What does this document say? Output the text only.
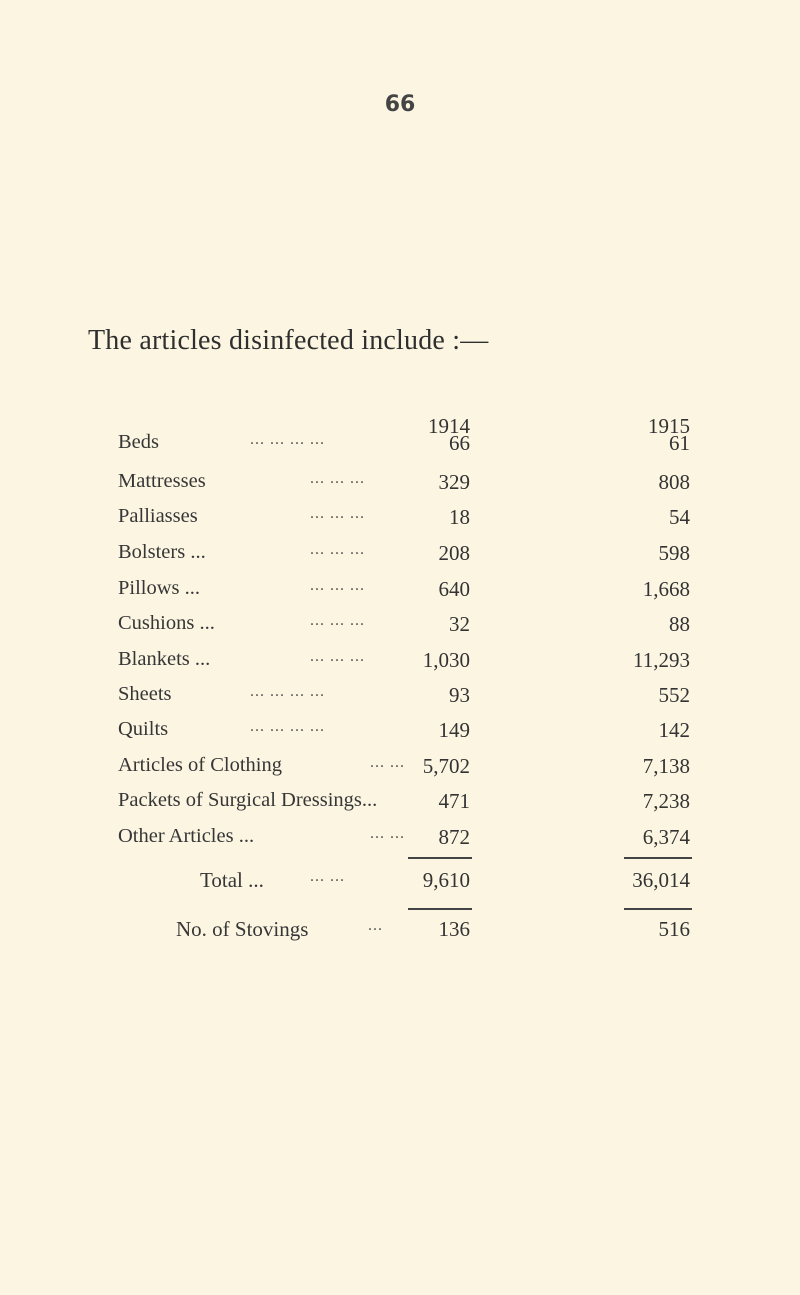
66
The articles disinfected include :—
1914	1915
Beds	... ... ... ...	66	61
Mattresses	... ... ...	329	808
Palliasses	... ... ...	18	54
Bolsters ...	... ... ...	208	598
Pillows ...	... ... ...	640	1,668
Cushions ...	... ... ...	32	88
Blankets ...	... ... ...	1,030	11,293
Sheets	... ... ... ...	93	552
Quilts	... ... ... ...	149	142
Articles of Clothing	... ... 5,702	7,138
Packets of Surgical Dressings...	471	7,238
Other Articles ...	... ... 872	6,374
Total ...	... ...	9,610	36,014
No. of Stovings	...	136	516
